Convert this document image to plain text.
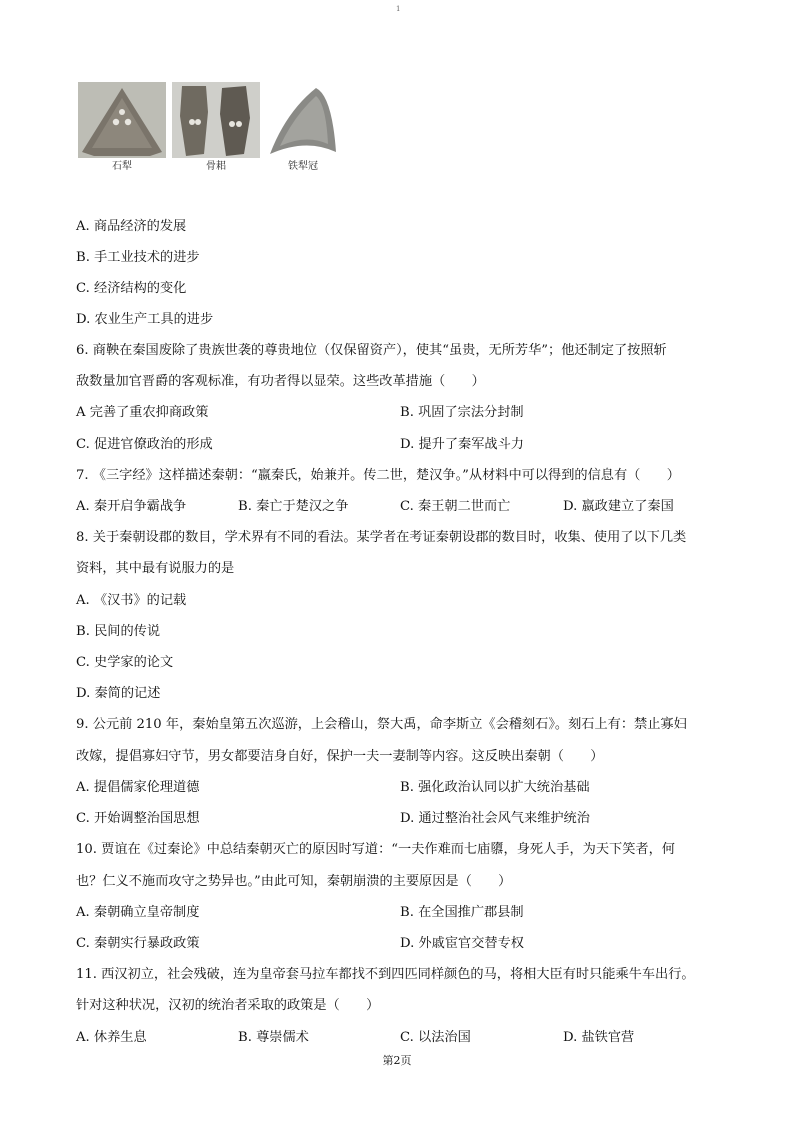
1
石犁	骨耜	铁犁冠
A. 商品经济的发展
B. 手工业技术的进步
C. 经济结构的变化
D. 农业生产工具的进步
6. 商鞅在秦国废除了贵族世袭的尊贵地位（仅保留资产），使其“虽贵，无所芳华”；他还制定了按照斩
敌数量加官晋爵的客观标准，有功者得以显荣。这些改革措施（　　）
A 完善了重农抑商政策	B. 巩固了宗法分封制
C. 促进官僚政治的形成	D. 提升了秦军战斗力
7. 《三字经》这样描述秦朝：“嬴秦氏，始兼并。传二世，楚汉争。”从材料中可以得到的信息有（　　）
A. 秦开启争霸战争	B. 秦亡于楚汉之争	C. 秦王朝二世而亡	D. 嬴政建立了秦国
8. 关于秦朝设郡的数目，学术界有不同的看法。某学者在考证秦朝设郡的数目时，收集、使用了以下几类
资料，其中最有说服力的是
A. 《汉书》的记载
B. 民间的传说
C. 史学家的论文
D. 秦简的记述
9. 公元前 210 年，秦始皇第五次巡游，上会稽山，祭大禹，命李斯立《会稽刻石》。刻石上有：禁止寡妇
改嫁，提倡寡妇守节，男女都要洁身自好，保护一夫一妻制等内容。这反映出秦朝（　　）
A. 提倡儒家伦理道德	B. 强化政治认同以扩大统治基础
C. 开始调整治国思想	D. 通过整治社会风气来维护统治
10. 贾谊在《过秦论》中总结秦朝灭亡的原因时写道：“一夫作难而七庙隳，身死人手，为天下笑者，何
也？仁义不施而攻守之势异也。”由此可知，秦朝崩溃的主要原因是（　　）
A. 秦朝确立皇帝制度	B. 在全国推广郡县制
C. 秦朝实行暴政政策	D. 外戚宦官交替专权
11. 西汉初立，社会残破，连为皇帝套马拉车都找不到四匹同样颜色的马，将相大臣有时只能乘牛车出行。
针对这种状况，汉初的统治者采取的政策是（　　）
A. 休养生息	B. 尊崇儒术	C. 以法治国	D. 盐铁官营
第2页
